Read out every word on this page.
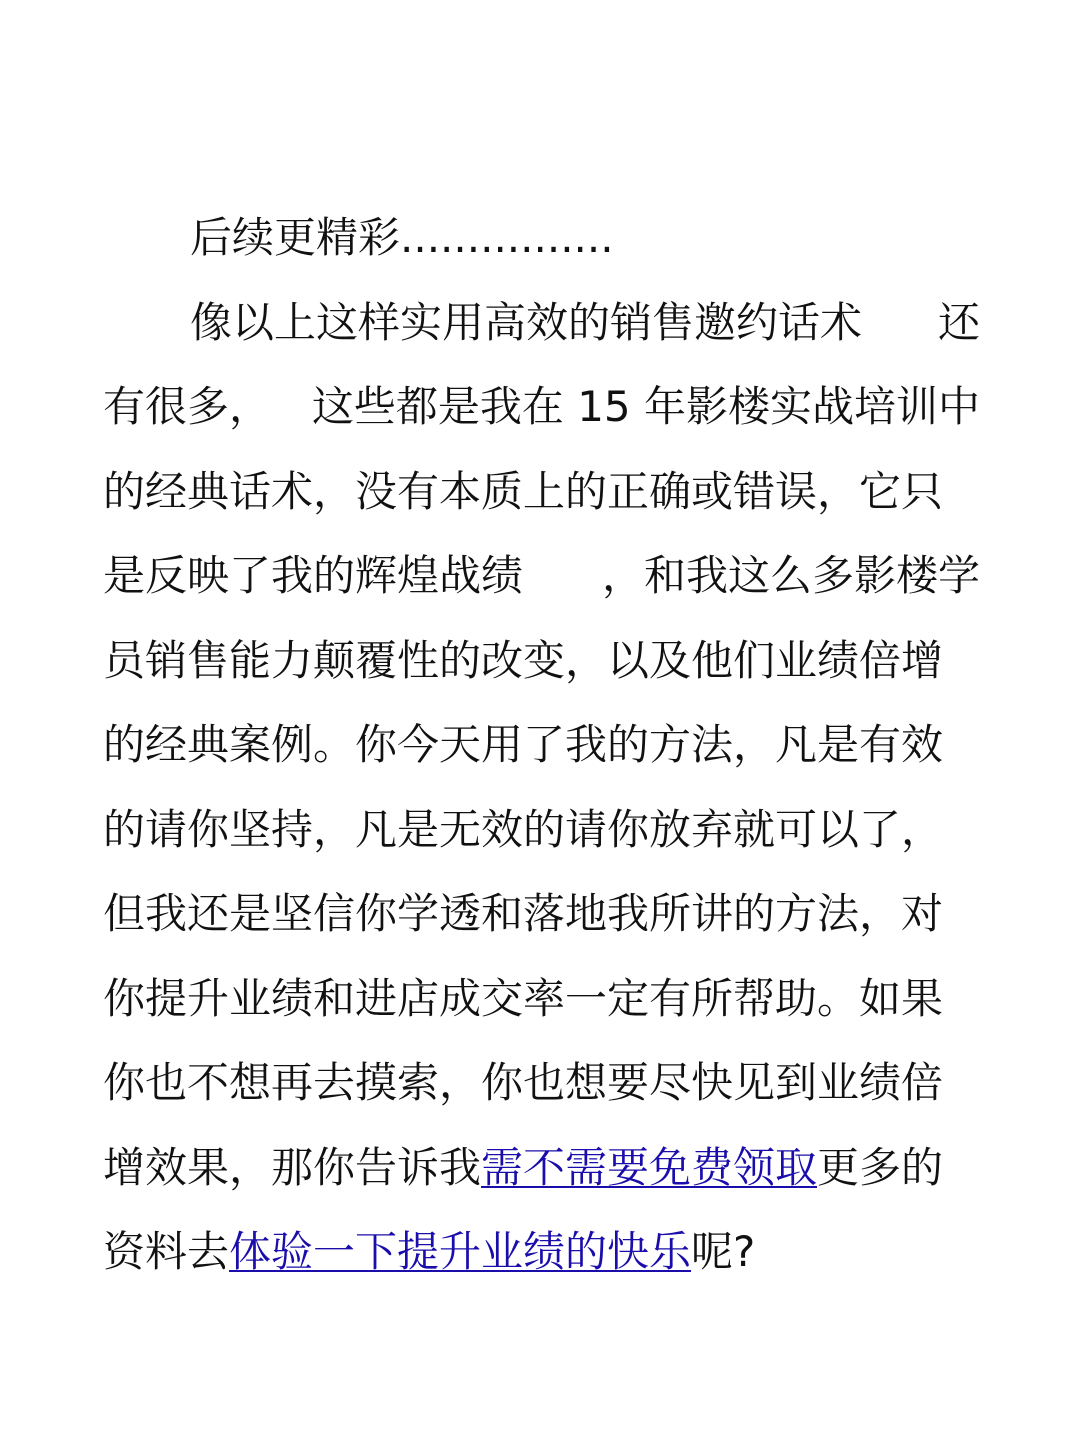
后续更精彩................
像以上这样实用高效的销售邀约话术 还
有很多， 这些都是我在 15 年影楼实战培训中
的经典话术，没有本质上的正确或错误，它只
是反映了我的辉煌战绩 ，和我这么多影楼学
员销售能力颠覆性的改变，以及他们业绩倍增
的经典案例。你今天用了我的方法，凡是有效
的请你坚持，凡是无效的请你放弃就可以了，
但我还是坚信你学透和落地我所讲的方法，对
你提升业绩和进店成交率一定有所帮助。如果
你也不想再去摸索，你也想要尽快见到业绩倍
增效果，那你告诉我需不需要免费领取更多的
资料去体验一下提升业绩的快乐呢?
